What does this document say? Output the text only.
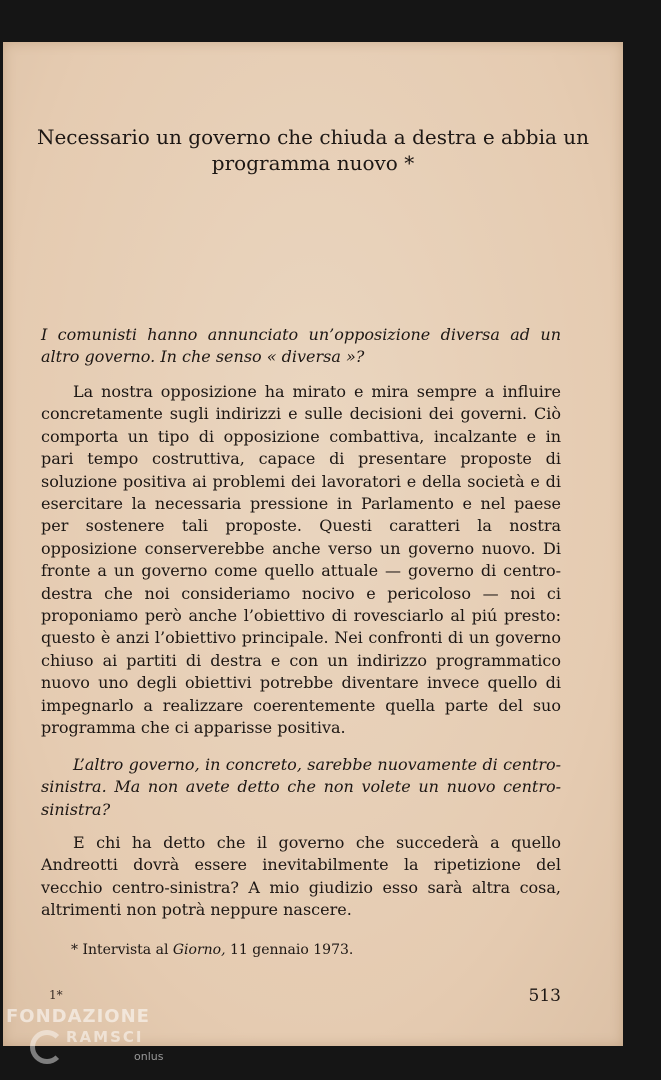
Necessario un governo che chiuda a destra e abbia un programma nuovo *

I comunisti hanno annunciato un’opposizione diversa ad un altro governo. In che senso « diversa »?

La nostra opposizione ha mirato e mira sempre a influire concretamente sugli indirizzi e sulle decisioni dei governi. Ciò comporta un tipo di opposizione combattiva, incalzante e in pari tempo costruttiva, capace di presentare proposte di soluzione positiva ai problemi dei lavoratori e della società e di esercitare la necessaria pressione in Parlamento e nel paese per sostenere tali proposte. Questi caratteri la nostra opposizione conserverebbe anche verso un governo nuovo. Di fronte a un governo come quello attuale — governo di centro-destra che noi consideriamo nocivo e pericoloso — noi ci proponiamo però anche l’obiettivo di rovesciarlo al piú presto: questo è anzi l’obiettivo principale. Nei confronti di un governo chiuso ai partiti di destra e con un indirizzo programmatico nuovo uno degli obiettivi potrebbe diventare invece quello di impegnarlo a realizzare coerentemente quella parte del suo programma che ci apparisse positiva.

L’altro governo, in concreto, sarebbe nuovamente di centro-sinistra. Ma non avete detto che non volete un nuovo centro-sinistra?

E chi ha detto che il governo che succederà a quello Andreotti dovrà essere inevitabilmente la ripetizione del vecchio centro-sinistra? A mio giudizio esso sarà altra cosa, altrimenti non potrà neppure nascere.

* Intervista al Giorno, 11 gennaio 1973.

1*	513
FONDAZIONE
RAMSCI
onlus
